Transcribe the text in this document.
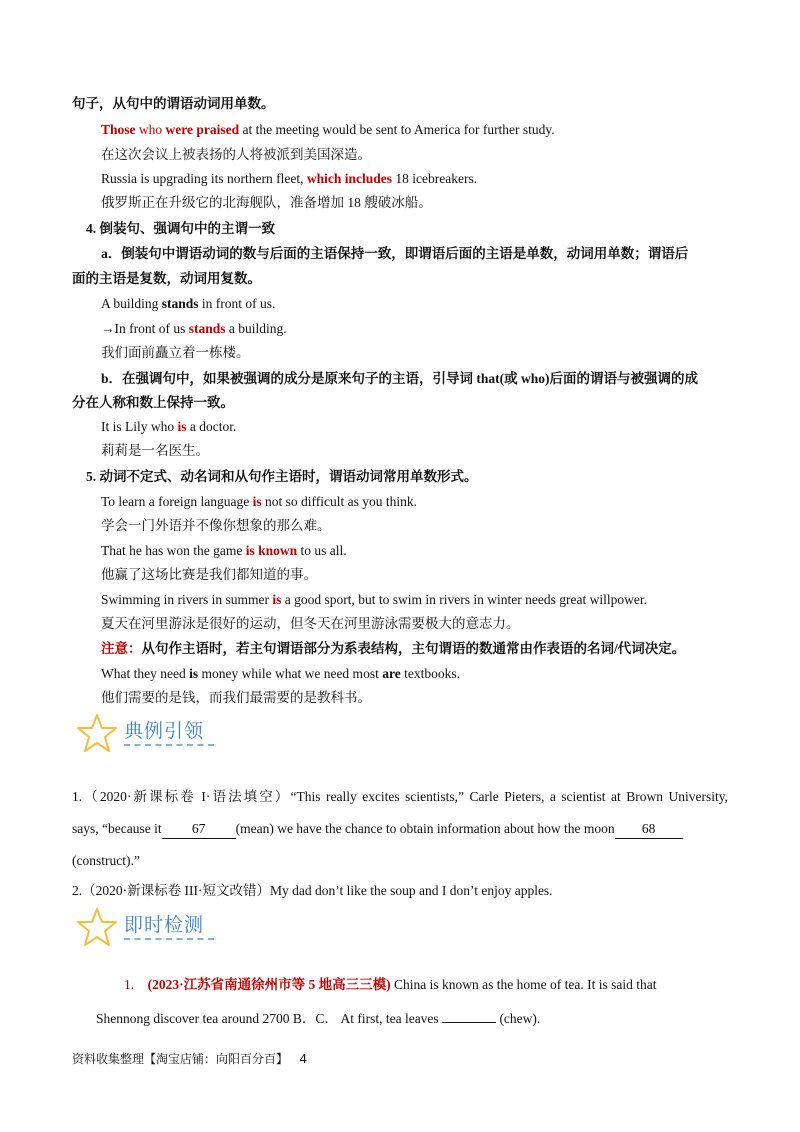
句子，从句中的谓语动词用单数。
Those who were praised at the meeting would be sent to America for further study.
在这次会议上被表扬的人将被派到美国深造。
Russia is upgrading its northern fleet, which includes 18 icebreakers.
俄罗斯正在升级它的北海舰队，准备增加 18 艘破冰船。
4. 倒装句、强调句中的主谓一致
a．倒装句中谓语动词的数与后面的主语保持一致，即谓语后面的主语是单数，动词用单数；谓语后
面的主语是复数，动词用复数。
A building stands in front of us.
→In front of us stands a building.
我们面前矗立着一栋楼。
b．在强调句中，如果被强调的成分是原来句子的主语，引导词 that(或 who)后面的谓语与被强调的成
分在人称和数上保持一致。
It is Lily who is a doctor.
莉莉是一名医生。
5. 动词不定式、动名词和从句作主语时，谓语动词常用单数形式。
To learn a foreign language is not so difficult as you think.
学会一门外语并不像你想象的那么难。
That he has won the game is known to us all.
他赢了这场比赛是我们都知道的事。
Swimming in rivers in summer is a good sport, but to swim in rivers in winter needs great willpower.
夏天在河里游泳是很好的运动，但冬天在河里游泳需要极大的意志力。
注意：从句作主语时，若主句谓语部分为系表结构，主句谓语的数通常由作表语的名词/代词决定。
What they need is money while what we need most are textbooks.
他们需要的是钱，而我们最需要的是教科书。
典例引领
1.（2020·新课标卷 I·语法填空）“This really excites scientists,” Carle Pieters, a scientist at Brown University,
says, “because it 67 (mean) we have the chance to obtain information about how the moon 68
(construct).”
2.（2020·新课标卷 III·短文改错）My dad don’t like the soup and I don’t enjoy apples.
即时检测
1. (2023·江苏省南通徐州市等 5 地高三三模) China is known as the home of tea. It is said that
Shennong discover tea around 2700 B．C． At first, tea leaves	(chew).
资料收集整理【淘宝店铺：向阳百分百】 4
